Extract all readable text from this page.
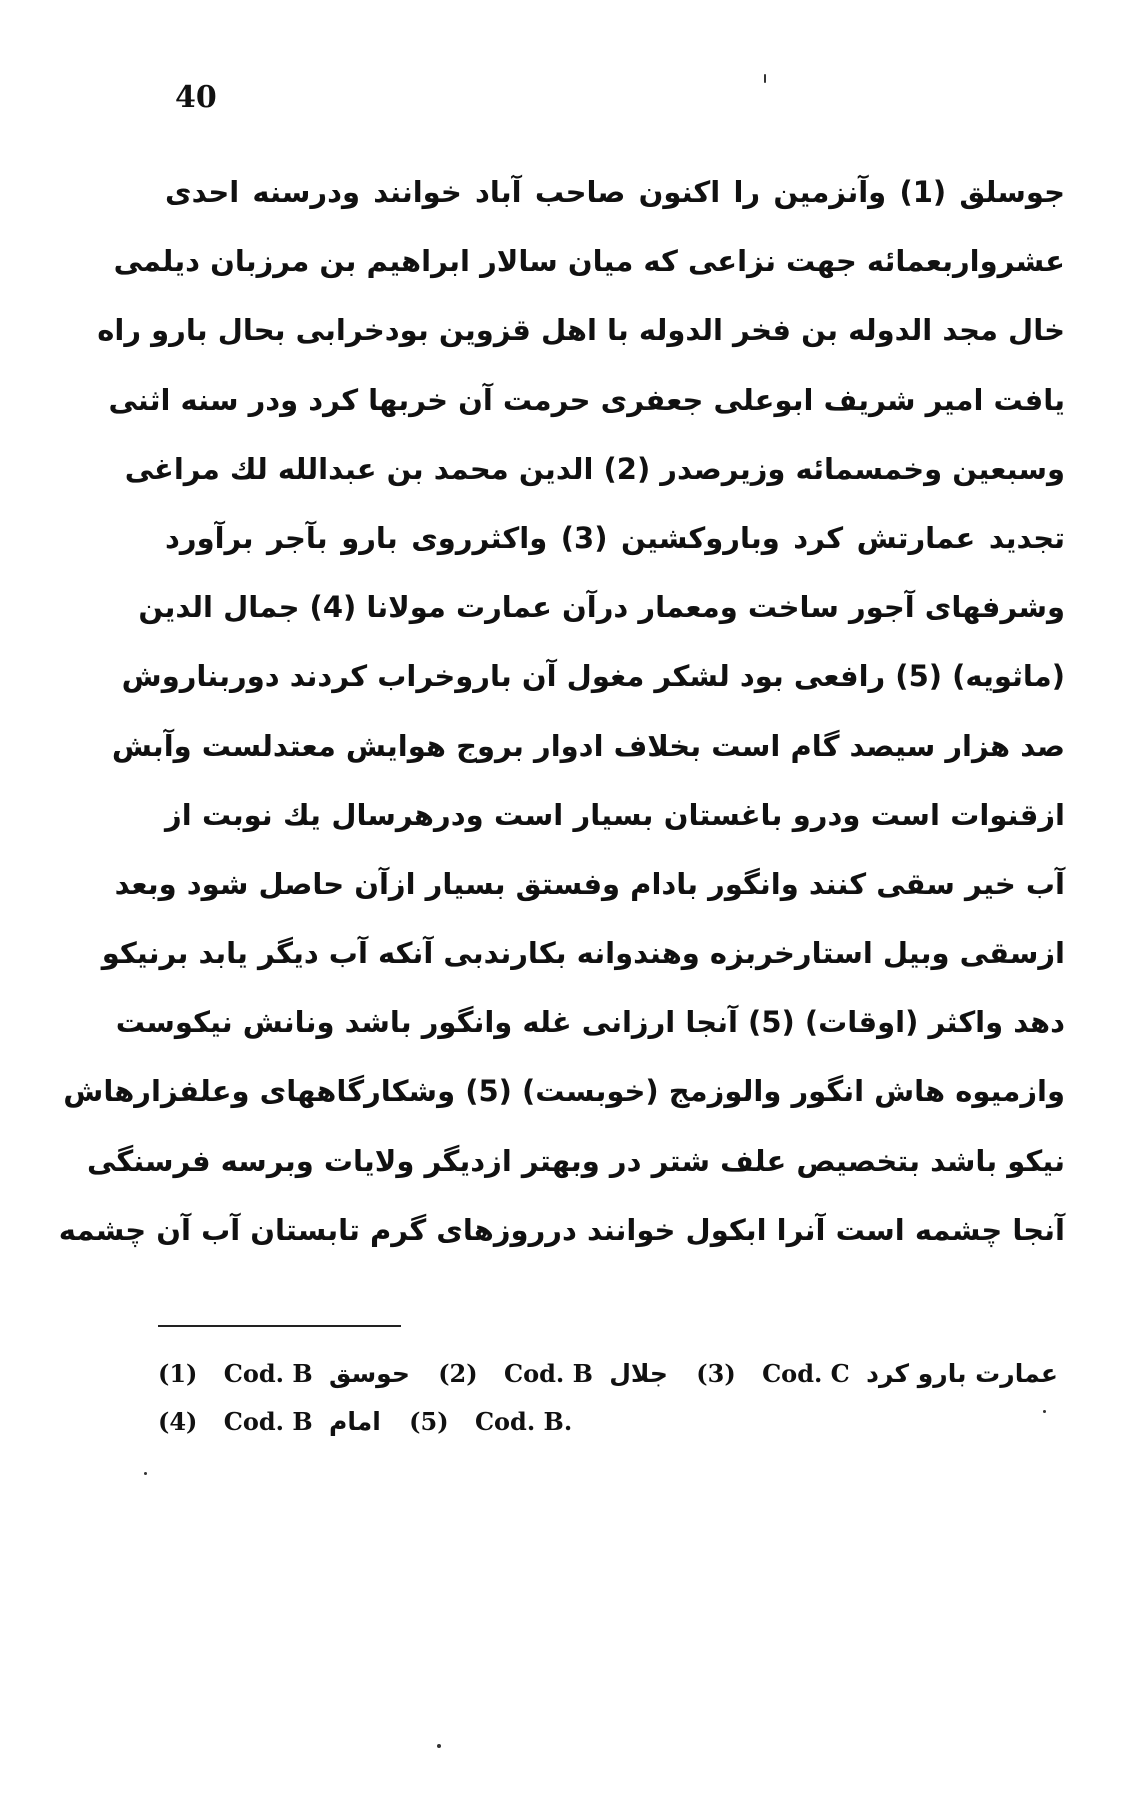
40
جوسلق (1) وآنزمین را اکنون صاحب آباد خوانند ودرسنه احدی
عشرواربعمائه جهت نزاعی که میان سالار ابراهیم بن مرزبان دیلمی
خال مجد الدوله بن فخر الدوله با اهل قزوین بودخرابی بحال بارو راه
یافت امیر شریف ابوعلی جعفری حرمت آن خربها کرد ودر سنه اثنی
وسبعین وخمسمائه وزیرصدر (2) الدین محمد بن عبدالله لك مراغی
تجدید عمارتش کرد وباروکشین (3) واکثرروی بارو بآجر برآورد
وشرفهای آجور ساخت ومعمار درآن عمارت مولانا (4) جمال الدین
(ماثویه) (5) رافعی بود لشکر مغول آن باروخراب کردند دوربناروش
صد هزار سیصد گام است بخلاف ادوار بروج هوایش معتدلست وآبش
ازقنوات است ودرو باغستان بسیار است ودرهرسال یك نوبت از
آب خیر سقی کنند وانگور بادام وفستق بسیار ازآن حاصل شود وبعد
ازسقی وبیل استارخربزه وهندوانه بکارندبی آنکه آب دیگر یابد برنیکو
دهد واکثر (اوقات) (5) آنجا ارزانی غله وانگور باشد ونانش نیکوست
وازمیوه هاش انگور والوزمج (خوبست) (5) وشکارگاههای وعلفزارهاش
نیکو باشد بتخصیص علف شتر در وبهتر ازدیگر ولایات وبرسه فرسنگی
آنجا چشمه است آنرا ابکول خوانند درروزهای گرم تابستان آب آن چشمه
(1) Cod. B حوسق (2) Cod. B جلال (3) Cod. C عمارت بارو کرد
(4) Cod. B امام (5) Cod. B.
